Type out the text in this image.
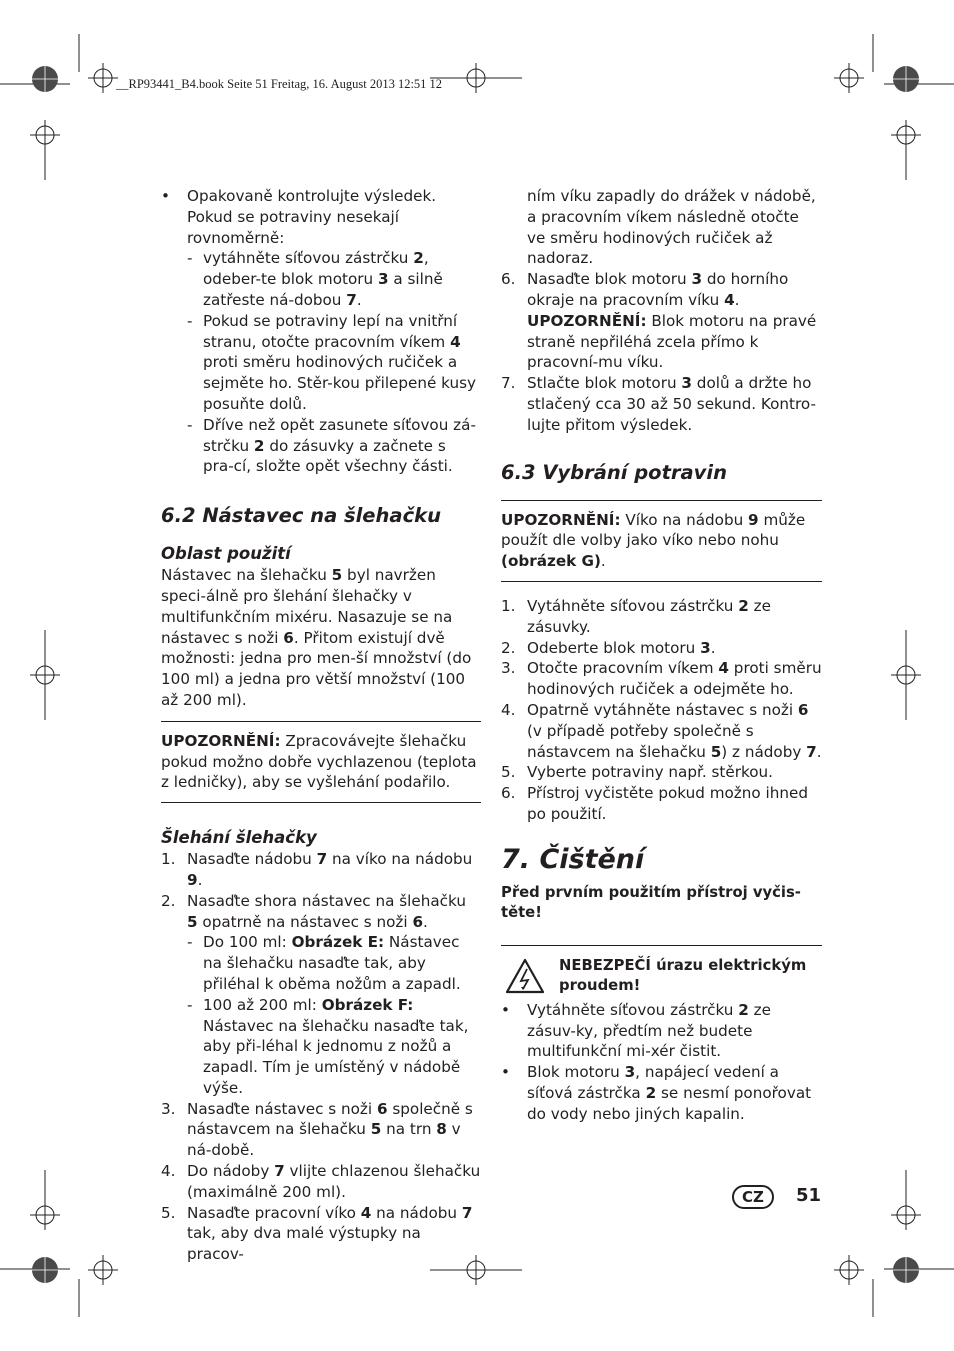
__RP93441_B4.book Seite 51 Freitag, 16. August 2013 12:51 12
• Opakovaně kontrolujte výsledek. Pokud se potraviny nesekají rovnoměrně:
- vytáhněte síťovou zástrčku 2, odeber-te blok motoru 3 a silně zatřeste ná-dobou 7.
- Pokud se potraviny lepí na vnitřní stranu, otočte pracovním víkem 4 proti směru hodinových ručiček a sejměte ho. Stěr-kou přilepené kusy posuňte dolů.
- Dříve než opět zasunete síťovou zá-strčku 2 do zásuvky a začnete s pra-cí, složte opět všechny části.
6.2 Nástavec na šlehačku
Oblast použití
Nástavec na šlehačku 5 byl navržen speci-álně pro šlehání šlehačky v multifunkčním mixéru. Nasazuje se na nástavec s noži 6. Přitom existují dvě možnosti: jedna pro men-ší množství (do 100 ml) a jedna pro větší množství (100 až 200 ml).
UPOZORNĚNÍ: Zpracovávejte šlehačku pokud možno dobře vychlazenou (teplota z ledničky), aby se vyšlehání podařilo.
Šlehání šlehačky
1. Nasaďte nádobu 7 na víko na nádobu 9.
2. Nasaďte shora nástavec na šlehačku 5 opatrně na nástavec s noži 6.
- Do 100 ml: Obrázek E: Nástavec na šlehačku nasaďte tak, aby přiléhal k oběma nožům a zapadl.
- 100 až 200 ml: Obrázek F: Nástavec na šlehačku nasaďte tak, aby při-léhal k jednomu z nožů a zapadl. Tím je umístěný v nádobě výše.
3. Nasaďte nástavec s noži 6 společně s nástavcem na šlehačku 5 na trn 8 v ná-době.
4. Do nádoby 7 vlijte chlazenou šlehačku (maximálně 200 ml).
5. Nasaďte pracovní víko 4 na nádobu 7 tak, aby dva malé výstupky na pracov-
ním víku zapadly do drážek v nádobě, a pracovním víkem následně otočte ve směru hodinových ručiček až nadoraz.
6. Nasaďte blok motoru 3 do horního okraje na pracovním víku 4.
UPOZORNĚNÍ: Blok motoru na pravé straně nepřiléhá zcela přímo k pracovní-mu víku.
7. Stlačte blok motoru 3 dolů a držte ho stlačený cca 30 až 50 sekund. Kontro-lujte přitom výsledek.
6.3 Vybrání potravin
UPOZORNĚNÍ: Víko na nádobu 9 může použít dle volby jako víko nebo nohu (obrázek G).
1. Vytáhněte síťovou zástrčku 2 ze zásuvky.
2. Odeberte blok motoru 3.
3. Otočte pracovním víkem 4 proti směru hodinových ručiček a odejměte ho.
4. Opatrně vytáhněte nástavec s noži 6 (v případě potřeby společně s nástavcem na šlehačku 5) z nádoby 7.
5. Vyberte potraviny např. stěrkou.
6. Přístroj vyčistěte pokud možno ihned po použití.
7. Čištění
Před prvním použitím přístroj vyčis-těte!
NEBEZPEČÍ úrazu elektrickým proudem!
• Vytáhněte síťovou zástrčku 2 ze zásuv-ky, předtím než budete multifunkční mi-xér čistit.
• Blok motoru 3, napájecí vedení a síťová zástrčka 2 se nesmí ponořovat do vody nebo jiných kapalin.
CZ	51
